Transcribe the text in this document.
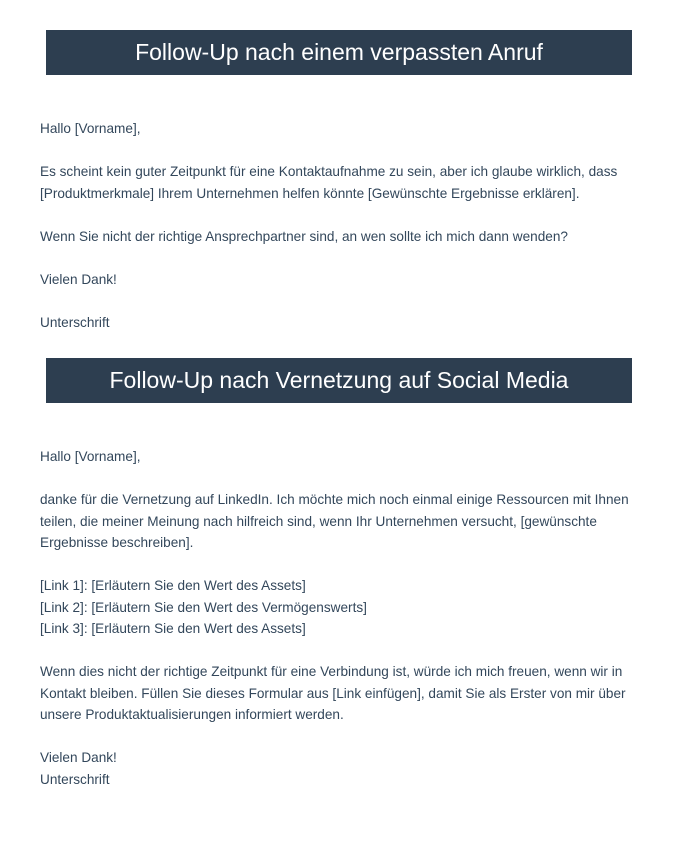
Follow-Up nach einem verpassten Anruf

Hallo [Vorname],

Es scheint kein guter Zeitpunkt für eine Kontaktaufnahme zu sein, aber ich glaube wirklich, dass [Produktmerkmale] Ihrem Unternehmen helfen könnte [Gewünschte Ergebnisse erklären].

Wenn Sie nicht der richtige Ansprechpartner sind, an wen sollte ich mich dann wenden?

Vielen Dank!

Unterschrift

Follow-Up nach Vernetzung auf Social Media

Hallo [Vorname],

danke für die Vernetzung auf LinkedIn. Ich möchte mich noch einmal einige Ressourcen mit Ihnen teilen, die meiner Meinung nach hilfreich sind, wenn Ihr Unternehmen versucht, [gewünschte Ergebnisse beschreiben].

[Link 1]: [Erläutern Sie den Wert des Assets]
[Link 2]: [Erläutern Sie den Wert des Vermögenswerts]
[Link 3]: [Erläutern Sie den Wert des Assets]

Wenn dies nicht der richtige Zeitpunkt für eine Verbindung ist, würde ich mich freuen, wenn wir in Kontakt bleiben. Füllen Sie dieses Formular aus [Link einfügen], damit Sie als Erster von mir über unsere Produktaktualisierungen informiert werden.

Vielen Dank!
Unterschrift
